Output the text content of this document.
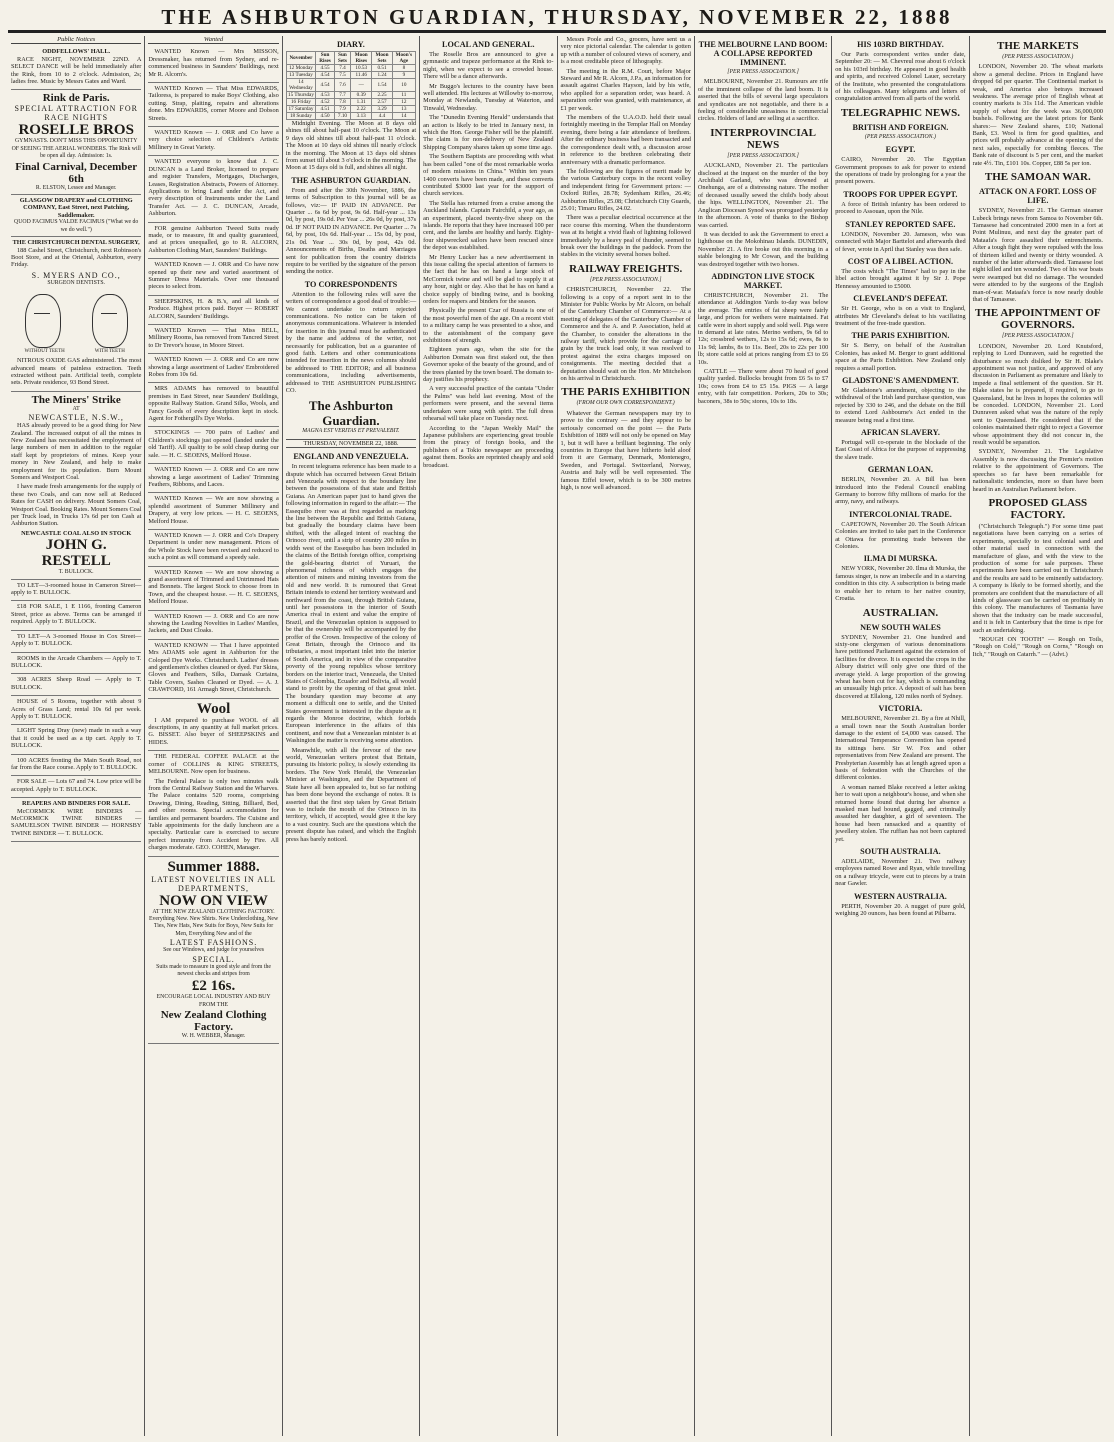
THE ASHBURTON GUARDIAN, THURSDAY, NOVEMBER 22, 1888
Public Notices
ODDFELLOWS' HALL.
RACE NIGHT, NOVEMBER 22ND. A SELECT DANCE will be held immediately after the Rink, from 10 to 2 o'clock. Admission, 2s; ladies free. Music by Messrs Gates and Ward.
Rink de Paris.
SPECIAL ATTRACTION FOR RACE NIGHTS
ROSELLE BROS
GYMNASTS. DON'T MISS THIS OPPORTUNITY OF SEEING THE AERIAL WONDERS. The Rink will be open all day. Admission: 1s.
Final Carnival, December 6th
R. ELSTON, Lessee and Manager.
GLASGOW DRAPERY and CLOTHING COMPANY, East Street, next Patching, Saddlemaker.
QUOD FACIMUS VALDE FACIMUS ("What we do we do well.")
THE CHRISTCHURCH DENTAL SURGERY,
188 Cashel Street, Christchurch, next Robinson's Boot Store, and at the Oriental, Ashburton, every Friday.
S. MYERS AND CO.,
SURGEON DENTISTS.
WITHOUT TEETH	WITH TEETH
NITROUS OXIDE GAS administered. The most advanced means of painless extraction. Teeth extracted without pain. Artificial teeth, complete sets. Private residence, 93 Bond Street.
The Miners' Strike
AT
NEWCASTLE, N.S.W.,
HAS already proved to be a good thing for New Zealand. The increased output of all the mines in New Zealand has necessitated the employment of large numbers of men in addition to the regular staff kept by proprietors of mines. Keep your money in New Zealand, and help to make employment for its population. Burn Mount Somers and Westport Coal.
I have made fresh arrangements for the supply of these two Coals, and can now sell at Reduced Rates for CASH on delivery. Mount Somers Coal, Westport Coal. Booking Rates. Mount Somers Coal per Truck load, in Trucks 17s 6d per ton Cash at Ashburton Station.
NEWCASTLE COAL ALSO IN STOCK
JOHN G. RESTELL
T. BULLOCK.
TO LET—3-roomed house in Cameron Street—apply to T. BULLOCK.
£18 FOR SALE, 1 E 1166, fronting Cameron Street, price as above. Terms can be arranged if required. Apply to T. BULLOCK.
TO LET—A 3-roomed House in Cox Street—Apply to T. BULLOCK.
ROOMS in the Arcade Chambers — Apply to T. BULLOCK.
308 ACRES Sheep Road — Apply to T. BULLOCK.
HOUSE of 5 Rooms, together with about 9 Acres of Grass Land; rental 10s 6d per week. Apply to T. BULLOCK.
LIGHT Spring Dray (new) made in such a way that it could be used as a tip cart. Apply to T. BULLOCK.
100 ACRES fronting the Main South Road, not far from the Race course. Apply to T. BULLOCK.
FOR SALE — Lots 67 and 74. Low price will be accepted. Apply to T. BULLOCK.
REAPERS AND BINDERS FOR SALE.
McCORMICK WIRE BINDERS — McCORMICK TWINE BINDERS — SAMUELSON TWINE BINDER — HORNSBY TWINE BINDER — T. BULLOCK.
Wanted
WANTED Known — Mrs MISSON, Dressmaker, has returned from Sydney, and re-commenced business in Saunders' Buildings, next Mr R. Alcorn's.
WANTED Known — That Miss EDWARDS, Tailoress, is prepared to make Boys' Clothing, also cutting. Strap, plaiting, repairs and alterations done. Mrs EDWARDS, corner Moore and Dobson Streets.
WANTED Known — J. ORR and Co have a very choice selection of Children's Artistic Millinery in Great Variety.
WANTED everyone to know that J. C. DUNCAN is a Land Broker, licensed to prepare and register Transfers, Mortgages, Discharges, Leases, Registration Abstracts, Powers of Attorney. Applications to bring Land under the Act, and every description of Instruments under the Land Transfer Act. — J. C. DUNCAN, Arcade, Ashburton.
FOR genuine Ashburton Tweed Suits ready made, or to measure, fit and quality guaranteed, and at prices unequalled, go to R. ALCORN, Ashburton Clothing Mart, Saunders' Buildings.
WANTED Known — J. ORR and Co have now opened up their new and varied assortment of Summer Dress Materials. Over one thousand pieces to select from.
SHEEPSKINS, H. & B.'s, and all kinds of Produce. Highest prices paid. Buyer — ROBERT ALCORN, Saunders' Buildings.
WANTED Known — That Miss BELL, Millinery Rooms, has removed from Tancred Street to Dr Trevor's house, in Moore Street.
WANTED Known — J. ORR and Co are now showing a large assortment of Ladies' Embroidered Robes from 10s 6d.
MRS ADAMS has removed to beautiful premises in East Street, near Saunders' Buildings, opposite Rallway Station. Grand Silks, Wools, and Fancy Goods of every description kept in stock. Agent for Fothergill's Dye Works.
STOCKINGS — 700 pairs of Ladies' and Children's stockings just opened (landed under the old Tariff). All quality to be sold cheap during our sale. — H. C. SEOENS, Melford House.
WANTED Known — J. ORR and Co are now showing a large assortment of Ladies' Trimming Feathers, Ribbons, and Laces.
WANTED Known — We are now showing a splendid assortment of Summer Millinery and Drapery, at very low prices. — H. C. SEOENS, Melford House.
WANTED Known — J. ORR and Co's Drapery Department is under new management. Prices of the Whole Stock have been revised and reduced to such a point as will command a speedy sale.
WANTED Known — We are now showing a grand assortment of Trimmed and Untrimmed Hats and Bonnets. The largest Stock to choose from in Town, and the cheapest house. — H. C. SEOENS, Melford House.
WANTED Known — J. ORR and Co are now showing the Leading Novelties in Ladies' Mantles, Jackets, and Dust Cloaks.
WANTED KNOWN — That I have appointed Mrs ADAMS sole agent in Ashburton for the Coloped Dye Works. Christchurch. Ladies' dresses and gentlemen's clothes cleaned or dyed. Fur Skins, Gloves and Feathers, Silks, Damask Curtains, Table Covers, Sashes Cleaned or Dyed. — A. J. CRAWFORD, 161 Armagh Street, Christchurch.
Wool
I AM prepared to purchase WOOL of all descriptions, in any quantity at full market prices. G. BISSET. Also buyer of SHEEPSKINS and HIDES.
THE FEDERAL COFFEE PALACE at the corner of COLLINS & KING STREETS, MELBOURNE. Now open for business.
The Federal Palace is only two minutes walk from the Central Railway Station and the Wharves. The Palace contains 520 rooms, comprising Drawing, Dining, Reading, Sitting, Billiard, Bed, and other rooms. Special accommodation for families and permanent boarders. The Cuisine and Table appointments for the daily luncheon are a specialty. Particular care is exercised to secure perfect immunity from Accident by Fire. All charges moderate. GEO. COHEN, Manager.
Summer 1888.
LATEST NOVELTIES IN ALL DEPARTMENTS,
NOW ON VIEW
AT THE NEW ZEALAND CLOTHING FACTORY.
Everything New. New Shirts. New Underclothing, New Ties, New Hats, New Suits for Boys, New Suits for Men, Everything New and of the
LATEST FASHIONS.
See our Windows, and judge for yourselves
SPECIAL.
Suits made to measure in good style and from the newest checks and stripes from
£2 16s.
ENCOURAGE LOCAL INDUSTRY AND BUY FROM THE
New Zealand Clothing Factory.
W. H. WEBBER, Manager.
DIARY.
November	Sun Rises	Sun Sets	Moon Rises	Moon Sets	Moon's Age
12 Monday	4.55	7.4	10.53	0.51	8
13 Tuesday	4.54	7.5	11.46	1.24	9
14 Wednesday	4.54	7.6	—	1.54	10
15 Thursday	4.53	7.7	0.39	2.25	11
16 Friday	4.52	7.8	1.31	2.57	12
17 Saturday	4.51	7.9	2.22	3.29	13
18 Sunday	4.50	7.10	3.13	4.4	14
Midnight Evening. The Moon at 8 days old shines till about half-past 10 o'clock. The Moon at 9 days old shines till about half-past 11 o'clock. The Moon at 10 days old shines till nearly o'clock in the morning. The Moon at 13 days old shines from sunset till about 3 o'clock in the morning. The Moon at 15 days old is full, and shines all night.
THE ASHBURTON GUARDIAN.
From and after the 30th November, 1886, the terms of Subscription to this journal will be as follows, viz:— IF PAID IN ADVANCE. Per Quarter ... 6s 6d by post, 9s 6d. Half-year ... 13s 0d, by post, 19s 0d. Per Year ... 26s 0d, by post, 37s 0d. IF NOT PAID IN ADVANCE. Per Quarter ... 7s 6d, by post, 10s 6d. Half-year ... 15s 0d, by post, 21s 0d. Year ... 30s 0d, by post, 42s 0d. Announcements of Births, Deaths and Marriages sent for publication from the country districts require to be verified by the signature of the person sending the notice.
TO CORRESPONDENTS
Attention to the following rules will save the writers of correspondence a good deal of trouble:— We cannot undertake to return rejected communications. No notice can be taken of anonymous communications. Whatever is intended for insertion in this journal must be authenticated by the name and address of the writer, not necessarily for publication, but as a guarantee of good faith. Letters and other communications intended for insertion in the news columns should be addressed to THE EDITOR; and all business communications, including advertisements, addressed to THE ASHBURTON PUBLISHING CO.
The Ashburton Guardian.
MAGNA EST VERITAS ET PREVALEBIT.
THURSDAY, NOVEMBER 22, 1888.
ENGLAND AND VENEZUELA.
In recent telegrams reference has been made to a dispute which has occurred between Great Britain and Venezuela with respect to the boundary line between the possessions of that state and British Guiana. An American paper just to hand gives the following information in regard to the affair:— The Essequibo river was at first regarded as marking the line between the Republic and British Guiana, but gradually the boundary claims have been shifted, with the alleged intent of reaching the Orinoco river, until a strip of country 200 miles in width west of the Essequibo has been included in the claims of the British foreign office, comprising the gold-bearing district of Yuruari, the phenomenal richness of which engages the attention of miners and mining investors from the old and new world. It is rumoured that Great Britain intends to extend her territory westward and northward from the coast, through British Guiana, until her possessions in the interior of South America rival in extent and value the empire of Brazil, and the Venezuelan opinion is supposed to be that the ownership will be accompanied by the proffer of the Crown. Irrespective of the colony of Great Britain, through the Orinoco and its tributaries, a most important inlet into the interior of South America, and in view of the comparative poverty of the young republics whose territory borders on the interior tract, Venezuela, the United States of Colombia, Ecuador and Bolivia, all would stand to profit by the opening of that great inlet. The boundary question may become at any moment a difficult one to settle, and the United States government is interested in the dispute as it regards the Monroe doctrine, which forbids European interference in the affairs of this continent, and now that a Venezuelan minister is at Washington the matter is receiving some attention.
Meanwhile, with all the fervour of the new world, Venezuelan writers protest that Britain, pursuing its historic policy, is slowly extending its borders. The New York Herald, the Venezuelan Minister at Washington, and the Department of State have all been appealed to, but so far nothing has been done beyond the exchange of notes. It is asserted that the first step taken by Great Britain was to include the mouth of the Orinoco in its territory, which, if accepted, would give it the key to a vast country. Such are the questions which the present dispute has raised, and which the English press has barely noticed.
LOCAL AND GENERAL.
The Roselle Bros are announced to give a gymnastic and trapeze performance at the Rink to-night, when we expect to see a crowded house. There will be a dance afterwards.
Mr Buggo's lectures to the country have been well attended. His lectures at Willowby to-morrow, Monday at Newlands, Tuesday at Waterton, and Tinwald, Wednesday.
The "Dunedin Evening Herald" understands that an action is likely to be tried in January next, in which the Hon. George Fisher will be the plaintiff. The claim is for non-delivery of New Zealand Shipping Company shares taken up some time ago.
The Southern Baptists are proceeding with what has been called "one of the most remarkable works of modern missions in China." Within ten years 1400 converts have been made, and these converts contributed $3000 last year for the support of church services.
The Stella has returned from a cruise among the Auckland Islands. Captain Fairchild, a year ago, as an experiment, placed twenty-five sheep on the islands. He reports that they have increased 100 per cent, and the lambs are healthy and hardy. Eighty-four shipwrecked sailors have been rescued since the depot was established.
Mr Henry Lucker has a new advertisement in this issue calling the special attention of farmers to the fact that he has on hand a large stock of McCormick twine and will be glad to supply it at any hour, night or day. Also that he has on hand a choice supply of binding twine, and is booking orders for reapers and binders for the season.
Physically the present Czar of Russia is one of the most powerful men of the age. On a recent visit to a military camp he was presented to a shoe, and to the astonishment of the company gave exhibitions of strength.
Eighteen years ago, when the site for the Ashburton Domain was first staked out, the then Governor spoke of the beauty of the ground, and of the trees planted by the town board. The domain to-day justifies his prophecy.
A very successful practice of the cantata "Under the Palms" was held last evening. Most of the performers were present, and the several items undertaken were sung with spirit. The full dress rehearsal will take place on Tuesday next.
According to the "Japan Weekly Mail" the Japanese publishers are experiencing great trouble from the piracy of foreign books, and the publishers of a Tokio newspaper are proceeding against them. Books are reprinted cheaply and sold broadcast.
Messrs Poole and Co., grocers, have sent us a very nice pictorial calendar. The calendar is gotten up with a number of coloured views of scenery, and is a most creditable piece of lithography.
The meeting in the R.M. Court, before Major Steward and Mr R. Alcorn, J.P.s, an information for assault against Charles Hayson, laid by his wife, who applied for a separation order, was heard. A separation order was granted, with maintenance, at £1 per week.
The members of the U.A.O.D. held their usual fortnightly meeting in the Templar Hall on Monday evening, there being a fair attendance of brethren. After the ordinary business had been transacted and the correspondence dealt with, a discussion arose in reference to the brethren celebrating their anniversary with a dramatic performance.
The following are the figures of merit made by the various Canterbury corps in the recent volley and independent firing for Government prizes: — Oxford Rifles, 28.78; Sydenham Rifles, 26.46; Ashburton Rifles, 25.08; Christchurch City Guards, 25.01; Timaru Rifles, 24.02.
There was a peculiar electrical occurrence at the race course this morning. When the thunderstorm was at its height a vivid flash of lightning followed immediately by a heavy peal of thunder, seemed to break over the buildings in the paddock. From the stables in the vicinity several horses bolted.
RAILWAY FREIGHTS.
[PER PRESS ASSOCIATION.]
CHRISTCHURCH, November 22. The following is a copy of a report sent in to the Minister for Public Works by Mr Alcorn, on behalf of the Canterbury Chamber of Commerce:— At a meeting of delegates of the Canterbury Chamber of Commerce and the A. and P. Association, held at the Chamber, to consider the alterations in the railway tariff, which provide for the carriage of grain by the truck load only, it was resolved to protest against the extra charges imposed on consignments. The meeting decided that a deputation should wait on the Hon. Mr Mitchelson on his arrival in Christchurch.
THE PARIS EXHIBITION
(FROM OUR OWN CORRESPONDENT.)
Whatever the German newspapers may try to prove to the contrary — and they appear to be seriously concerned on the point — the Paris Exhibition of 1889 will not only be opened on May 1, but it will have a brilliant beginning. The only countries in Europe that have hitherto held aloof from it are Germany, Denmark, Montenegro, Sweden, and Portugal. Switzerland, Norway, Austria and Italy will be well represented. The famous Eiffel tower, which is to be 300 metres high, is now well advanced.
THE MELBOURNE LAND BOOM: A COLLAPSE REPORTED IMMINENT.
[PER PRESS ASSOCIATION.]
MELBOURNE, November 21. Rumours are rife of the imminent collapse of the land boom. It is asserted that the bills of several large speculators and syndicates are not negotiable, and there is a feeling of considerable uneasiness in commercial circles. Holders of land are selling at a sacrifice.
INTERPROVINCIAL NEWS
[PER PRESS ASSOCIATION.]
AUCKLAND, November 21. The particulars disclosed at the inquest on the murder of the boy Archibald Garland, who was drowned at Onehunga, are of a distressing nature. The mother of deceased usually sewed the child's body about the hips. WELLINGTON, November 21. The Anglican Diocesan Synod was prorogued yesterday in the afternoon. A vote of thanks to the Bishop was carried.
It was decided to ask the Government to erect a lighthouse on the Mokohinau Islands. DUNEDIN, November 21. A fire broke out this morning in a stable belonging to Mr Cowan, and the building was destroyed together with two horses.
ADDINGTON LIVE STOCK MARKET.
CHRISTCHURCH, November 21. The attendance at Addington Yards to-day was below the average. The entries of fat sheep were fairly large, and prices for wethers were maintained. Fat cattle were in short supply and sold well. Pigs were in demand at late rates. Merino wethers, 9s 6d to 12s; crossbred wethers, 12s to 15s 6d; ewes, 8s to 11s 9d; lambs, 8s to 11s. Beef, 20s to 22s per 100 lb; store cattle sold at prices ranging from £3 to £6 10s.
CATTLE — There were about 70 head of good quality yarded. Bullocks brought from £6 5s to £7 10s; cows from £4 to £5 15s. PIGS — A large entry, with fair competition. Porkers, 20s to 30s; baconers, 38s to 50s; stores, 10s to 18s.
HIS 103RD BIRTHDAY.
Our Paris correspondent writes under date, September 20: — M. Chevreul rose about 6 o'clock on his 103rd birthday. He appeared in good health and spirits, and received Colonel Lauer, secretary of the Institute, who presented the congratulations of his colleagues. Many telegrams and letters of congratulation arrived from all parts of the world.
TELEGRAPHIC NEWS.
BRITISH AND FOREIGN.
(PER PRESS ASSOCIATION.)
EGYPT.
CAIRO, November 20. The Egyptian Government proposes to ask for power to extend the operations of trade by prolonging for a year the present powers.
TROOPS FOR UPPER EGYPT.
A force of British infantry has been ordered to proceed to Assouan, upon the Nile.
STANLEY REPORTED SAFE.
LONDON, November 20. Jameson, who was connected with Major Barttelot and afterwards died of fever, wrote in April that Stanley was then safe.
COST OF A LIBEL ACTION.
The costs which "The Times" had to pay in the libel action brought against it by Sir J. Pope Hennessy amounted to £5000.
CLEVELAND'S DEFEAT.
Sir H. George, who is on a visit to England, attributes Mr Cleveland's defeat to his vacillating treatment of the free-trade question.
THE PARIS EXHIBITION.
Sir S. Berry, on behalf of the Australian Colonies, has asked M. Berger to grant additional space at the Paris Exhibition. New Zealand only requires a small portion.
GLADSTONE'S AMENDMENT.
Mr Gladstone's amendment, objecting to the withdrawal of the Irish land purchase question, was rejected by 330 to 246, and the debate on the Bill to extend Lord Ashbourne's Act ended in the measure being read a first time.
AFRICAN SLAVERY.
Portugal will co-operate in the blockade of the East Coast of Africa for the purpose of suppressing the slave trade.
GERMAN LOAN.
BERLIN, November 20. A Bill has been introduced into the Federal Council enabling Germany to borrow fifty millions of marks for the army, navy, and railways.
INTERCOLONIAL TRADE.
CAPETOWN, November 20. The South African Colonies are invited to take part in the Conference at Ottawa for promoting trade between the Colonies.
ILMA DI MURSKA.
NEW YORK, November 20. Ilma di Murska, the famous singer, is now an imbecile and in a starving condition in this city. A subscription is being made to enable her to return to her native country, Croatia.
AUSTRALIAN.
NEW SOUTH WALES
SYDNEY, November 21. One hundred and sixty-one clergymen of various denominations have petitioned Parliament against the extension of facilities for divorce. It is expected the crops in the Albury district will only give one third of the average yield. A large proportion of the growing wheat has been cut for hay, which is commanding an unusually high price. A deposit of salt has been discovered at Ellalong, 120 miles north of Sydney.
VICTORIA.
MELBOURNE, November 21. By a fire at Nhill, a small town near the South Australian border damage to the extent of £4,000 was caused. The International Temperance Convention has opened its sittings here. Sir W. Fox and other representatives from New Zealand are present. The Presbyterian Assembly has at length agreed upon a basis of federation with the Churches of the different colonies.
A woman named Blake received a letter asking her to wait upon a neighbour's house, and when she returned home found that during her absence a masked man had bound, gagged, and criminally assaulted her daughter, a girl of seventeen. The house had been ransacked and a quantity of jewellery stolen. The ruffian has not been captured yet.
SOUTH AUSTRALIA.
ADELAIDE, November 21. Two railway employees named Rowe and Ryan, while travelling on a railway tricycle, were cut to pieces by a train near Gawler.
WESTERN AUSTRALIA.
PERTH, November 20. A nugget of pure gold, weighing 20 ounces, has been found at Pilbarra.
THE MARKETS
(PER PRESS ASSOCIATION.)
LONDON, November 20. The wheat markets show a general decline. Prices in England have dropped 6d per quarter. The Continental market is weak, and America also betrays increased weakness. The average price of English wheat at country markets is 31s 11d. The American visible supply of wheat for the week was 36,000,000 bushels. Following are the latest prices for Bank shares:— New Zealand shares, £10; National Bank, £3. Wool is firm for good qualities, and prices will probably advance at the opening of the next sales, especially for combing fleeces. The Bank rate of discount is 5 per cent, and the market rate 4½. Tin, £101 10s. Copper, £88 5s per ton.
THE SAMOAN WAR.
ATTACK ON A FORT. LOSS OF LIFE.
SYDNEY, November 21. The German steamer Lubeck brings news from Samoa to November 6th. Tamasese had concentrated 2000 men in a fort at Point Mulinuu, and next day the greater part of Mataafa's force assaulted their entrenchments. After a tough fight they were repulsed with the loss of thirteen killed and twenty or thirty wounded. A number of the latter afterwards died. Tamasese lost eight killed and ten wounded. Two of his war boats were swamped but did no damage. The wounded were attended to by the surgeons of the English man-of-war. Mataafa's force is now nearly double that of Tamasese.
THE APPOINTMENT OF GOVERNORS.
[PER PRESS ASSOCIATION.]
LONDON, November 20. Lord Knutsford, replying to Lord Dunraven, said he regretted the disturbance so much disliked by Sir H. Blake's appointment was not justice, and approved of any discussion in Parliament as premature and likely to impede a final settlement of the question. Sir H. Blake states he is prepared, if required, to go to Queensland, but he lives in hopes the colonies will be conceded. LONDON, November 21. Lord Dunraven asked what was the nature of the reply sent to Queensland. He considered that if the colonies maintained their right to reject a Governor whose appointment they did not concur in, the result would be separation.
SYDNEY, November 21. The Legislative Assembly is now discussing the Premier's motion relative to the appointment of Governors. The speeches so far have been remarkable for nationalistic tendencies, more so than have been heard in an Australian Parliament before.
PROPOSED GLASS FACTORY.
("Christchurch Telegraph.") For some time past negotiations have been carrying on a series of experiments, specially to test colonial sand and other material used in connection with the manufacture of glass, and with the view to the production of some for sale purposes. These experiments have been carried out in Christchurch and the results are said to be eminently satisfactory. A company is likely to be formed shortly, and the promoters are confident that the manufacture of all kinds of glassware can be carried on profitably in this colony. The manufactures of Tasmania have shown that the industry can be made successful, and it is felt in Canterbury that the time is ripe for such an undertaking.
"ROUGH ON TOOTH" — Rough on Toils, "Rough on Cold," "Rough on Corns," "Rough on Itch," "Rough on Catarrh." — (Advt.)
